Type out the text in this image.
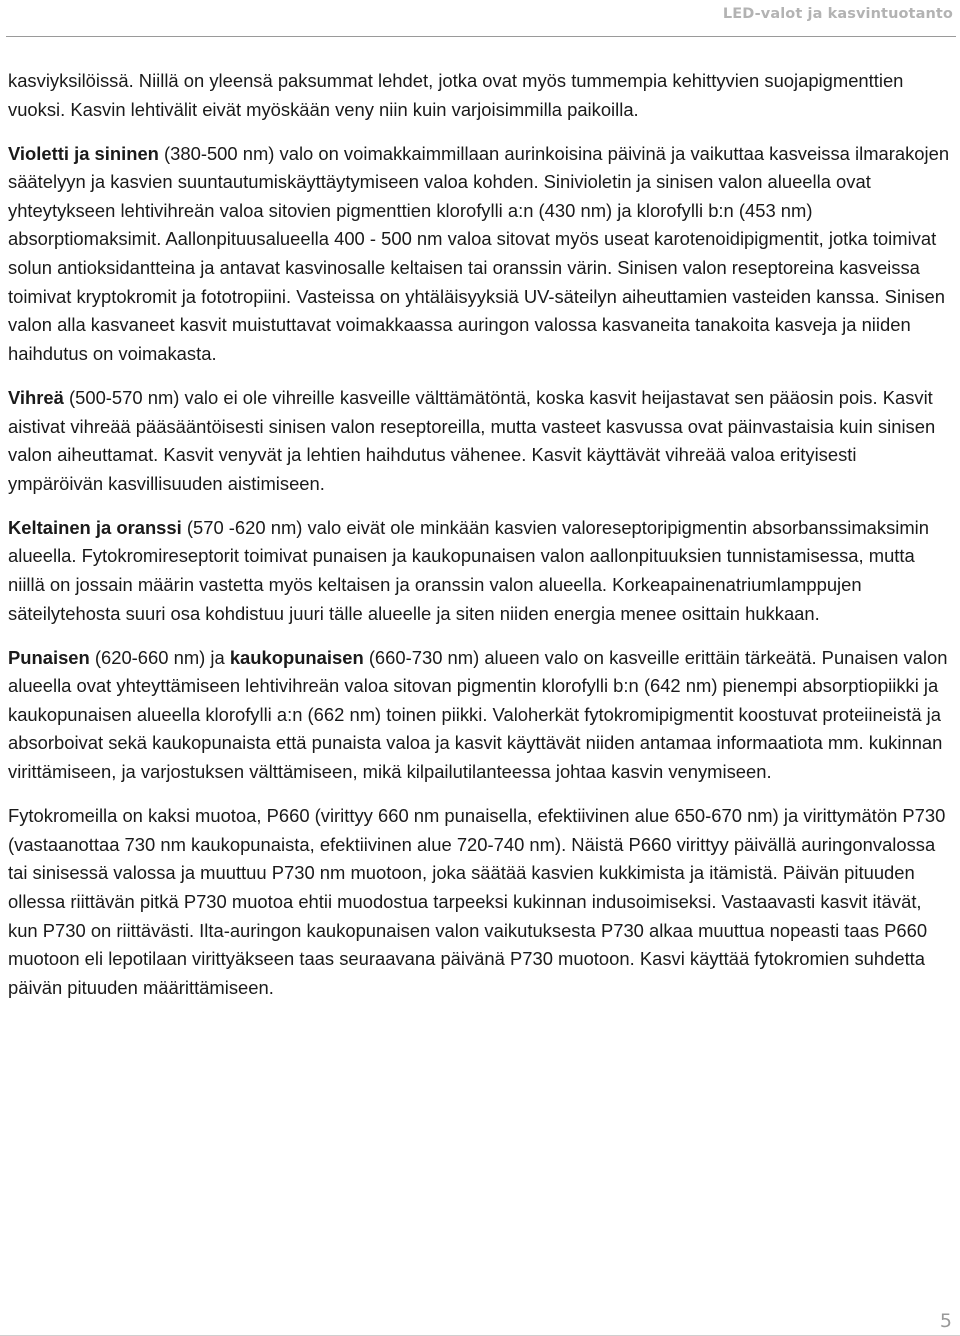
LED-valot ja kasvintuotanto

kasviyksilöissä. Niillä on yleensä paksummat lehdet, jotka ovat myös tummempia kehittyvien suojapigmenttien vuoksi. Kasvin lehtivälit eivät myöskään veny niin kuin varjoisimmilla paikoilla.

Violetti ja sininen (380-500 nm) valo on voimakkaimmillaan aurinkoisina päivinä ja vaikuttaa kasveissa ilmarakojen säätelyyn ja kasvien suuntautumiskäyttäytymiseen valoa kohden. Sinivioletin ja sinisen valon alueella ovat yhteytykseen lehtivihreän valoa sitovien pigmenttien klorofylli a:n (430 nm) ja klorofylli b:n (453 nm) absorptiomaksimit. Aallonpituusalueella 400 - 500 nm valoa sitovat myös useat karotenoidipigmentit, jotka toimivat solun antioksidantteina ja antavat kasvinosalle keltaisen tai oranssin värin. Sinisen valon reseptoreina kasveissa toimivat kryptokromit ja fototropiini. Vasteissa on yhtäläisyyksiä UV-säteilyn aiheuttamien vasteiden kanssa. Sinisen valon alla kasvaneet kasvit muistuttavat voimakkaassa auringon valossa kasvaneita tanakoita kasveja ja niiden haihdutus on voimakasta.

Vihreä (500-570 nm) valo ei ole vihreille kasveille välttämätöntä, koska kasvit heijastavat sen pääosin pois. Kasvit aistivat vihreää pääsääntöisesti sinisen valon reseptoreilla, mutta vasteet kasvussa ovat päinvastaisia kuin sinisen valon aiheuttamat. Kasvit venyvät ja lehtien haihdutus vähenee. Kasvit käyttävät vihreää valoa erityisesti ympäröivän kasvillisuuden aistimiseen.

Keltainen ja oranssi (570 -620 nm) valo eivät ole minkään kasvien valoreseptoripigmentin absorbanssimaksimin alueella. Fytokromireseptorit toimivat punaisen ja kaukopunaisen valon aallonpituuksien tunnistamisessa, mutta niillä on jossain määrin vastetta myös keltaisen ja oranssin valon alueella. Korkeapainenatriumlamppujen säteilytehosta suuri osa kohdistuu juuri tälle alueelle ja siten niiden energia menee osittain hukkaan.

Punaisen (620-660 nm) ja kaukopunaisen (660-730 nm) alueen valo on kasveille erittäin tärkeätä. Punaisen valon alueella ovat yhteyttämiseen lehtivihreän valoa sitovan pigmentin klorofylli b:n (642 nm) pienempi absorptiopiikki ja kaukopunaisen alueella klorofylli a:n (662 nm) toinen piikki. Valoherkät fytokromipigmentit koostuvat proteiineistä ja absorboivat sekä kaukopunaista että punaista valoa ja kasvit käyttävät niiden antamaa informaatiota mm. kukinnan virittämiseen, ja varjostuksen välttämiseen, mikä kilpailutilanteessa johtaa kasvin venymiseen.

Fytokromeilla on kaksi muotoa, P660 (virittyy 660 nm punaisella, efektiivinen alue 650-670 nm) ja virittymätön P730 (vastaanottaa 730 nm kaukopunaista, efektiivinen alue 720-740 nm). Näistä P660 virittyy päivällä auringonvalossa tai sinisessä valossa ja muuttuu P730 nm muotoon, joka säätää kasvien kukkimista ja itämistä. Päivän pituuden ollessa riittävän pitkä P730 muotoa ehtii muodostua tarpeeksi kukinnan indusoimiseksi. Vastaavasti kasvit itävät, kun P730 on riittävästi. Ilta-auringon kaukopunaisen valon vaikutuksesta P730 alkaa muuttua nopeasti taas P660 muotoon eli lepotilaan virittyäkseen taas seuraavana päivänä P730 muotoon. Kasvi käyttää fytokromien suhdetta päivän pituuden määrittämiseen.

5
